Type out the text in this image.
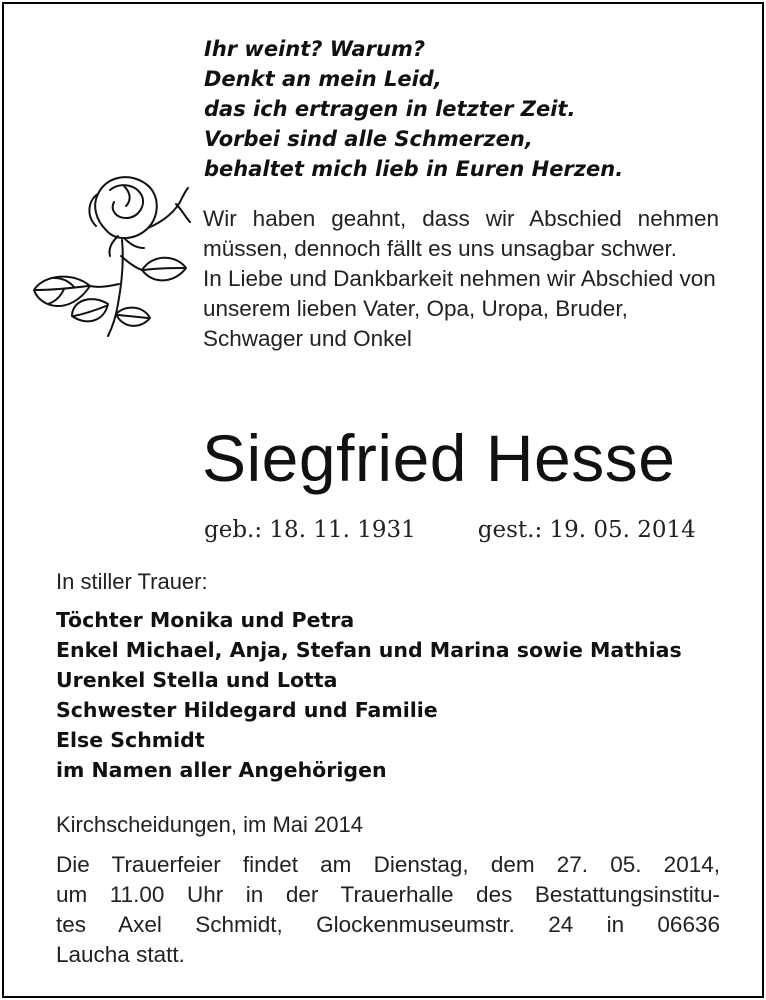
Ihr weint? Warum?
Denkt an mein Leid,
das ich ertragen in letzter Zeit.
Vorbei sind alle Schmerzen,
behaltet mich lieb in Euren Herzen.

Wir haben geahnt, dass wir Abschied nehmen müssen, dennoch fällt es uns unsagbar schwer.

In Liebe und Dankbarkeit nehmen wir Abschied von unserem lieben Vater, Opa, Uropa, Bruder, Schwager und Onkel

Siegfried Hesse
geb.: 18. 11. 1931	gest.: 19. 05. 2014
In stiller Trauer:
Töchter Monika und Petra
Enkel Michael, Anja, Stefan und Marina sowie Mathias
Urenkel Stella und Lotta
Schwester Hildegard und Familie
Else Schmidt
im Namen aller Angehörigen
Kirchscheidungen, im Mai 2014
Die Trauerfeier findet am Dienstag, dem 27. 05. 2014,
um 11.00 Uhr in der Trauerhalle des Bestattungsinstitu-
tes Axel Schmidt, Glockenmuseumstr. 24 in 06636
Laucha statt.
